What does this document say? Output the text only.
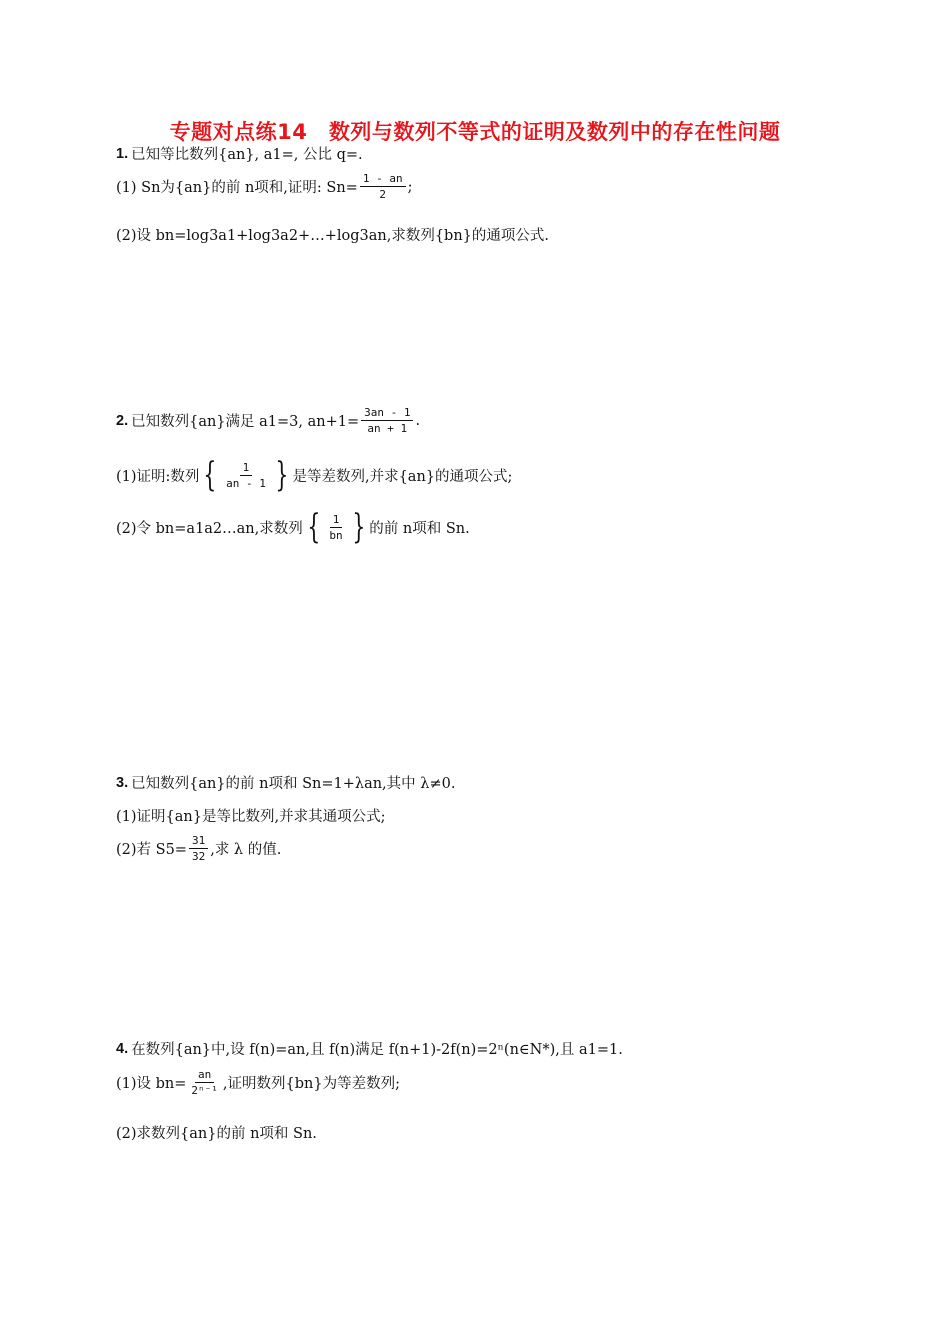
专题对点练14　数列与数列不等式的证明及数列中的存在性问题
1. 已知等比数列{an}, a1=, 公比 q=.
(1) Sn为{an}的前 n项和,证明: $Sn= \frac{1 - an}{2}$ ;
(2)设 bn=log3a1+log3a2+…+log3an,求数列{bn}的通项公式.
2. 已知数列{an}满足 a1=3, $an+1= \frac{3an - 1}{an + 1}$ .
(1)证明:数列 { $\frac{1}{an - 1}$ } 是等差数列,并求{an}的通项公式;
(2)令 bn=a1a2…an,求数列 { $\frac{1}{bn}$ } 的前 n项和 Sn.
3. 已知数列{an}的前 n项和 Sn=1+λan,其中 λ≠0.
(1)证明{an}是等比数列,并求其通项公式;
(2)若 $S5= \frac{31}{32}$ ,求 λ 的值.
4. 在数列{an}中,设 f(n)=an,且 f(n)满足 f(n+1)-2f(n)=2ⁿ(n∈N*),且 a1=1.
(1)设 $bn= \frac{an}{\text{2ⁿ⁻¹}}$ ,证明数列{bn}为等差数列;
(2)求数列{an}的前 n项和 Sn.
